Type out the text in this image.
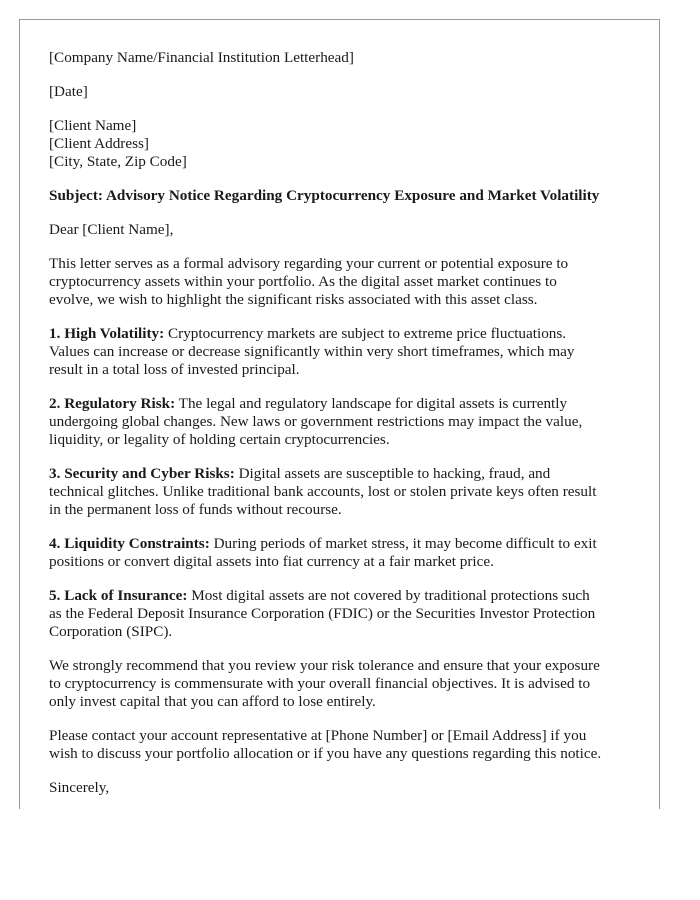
[Company Name/Financial Institution Letterhead]
[Date]
[Client Name]
[Client Address]
[City, State, Zip Code]
Subject: Advisory Notice Regarding Cryptocurrency Exposure and Market Volatility
Dear [Client Name],
This letter serves as a formal advisory regarding your current or potential exposure to
cryptocurrency assets within your portfolio. As the digital asset market continues to
evolve, we wish to highlight the significant risks associated with this asset class.
1. High Volatility: Cryptocurrency markets are subject to extreme price fluctuations.
Values can increase or decrease significantly within very short timeframes, which may
result in a total loss of invested principal.
2. Regulatory Risk: The legal and regulatory landscape for digital assets is currently
undergoing global changes. New laws or government restrictions may impact the value,
liquidity, or legality of holding certain cryptocurrencies.
3. Security and Cyber Risks: Digital assets are susceptible to hacking, fraud, and
technical glitches. Unlike traditional bank accounts, lost or stolen private keys often result
in the permanent loss of funds without recourse.
4. Liquidity Constraints: During periods of market stress, it may become difficult to exit
positions or convert digital assets into fiat currency at a fair market price.
5. Lack of Insurance: Most digital assets are not covered by traditional protections such
as the Federal Deposit Insurance Corporation (FDIC) or the Securities Investor Protection
Corporation (SIPC).
We strongly recommend that you review your risk tolerance and ensure that your exposure
to cryptocurrency is commensurate with your overall financial objectives. It is advised to
only invest capital that you can afford to lose entirely.
Please contact your account representative at [Phone Number] or [Email Address] if you
wish to discuss your portfolio allocation or if you have any questions regarding this notice.
Sincerely,
